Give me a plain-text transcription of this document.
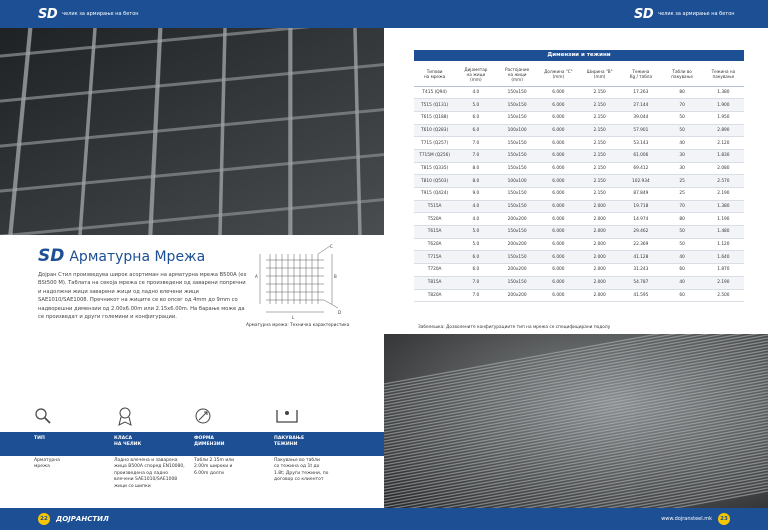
SD челик за армирање на бетон
SD Арматурна Мрежа
Дојран Стил произведува широк асортиман на арматурна мрежа B500A (ех BSt500 M). Таблата на секоја мрежа се произведени од заварени попречни и надолжни жици заварени жици од ладно влечени жици SAE1010/SAE1008. Пречникот на жиците се во опсег од 4mm до 9mm со надворешни димензии од 2.00x6.00m или 2.15x6.00m. На барање може да се произведат и други големини и конфигурации.
A
L
B
C
D
Арматурна мрежа: Техничка карактеристика
ТИП	КЛАСА
НА ЧЕЛИК
ФОРМА
ДИМЕНЗИИ
ПАКУВАЊЕ
ТЕЖИНИ
Арматурна
мрежа
Ладно влечена и заварена
жица B500A според EN10080,
произведена од ладно
влечени SAE1010/SAE1008
жици со шипки
Табли 2.15m или
2.00m широки и
6.00m долги
Пакување во табли
со тежина од 1t до
1.8t; Други тежини, по
договор со клиентот
22	ДОЈРАНСТИЛ
SD челик за армирање на бетон
Димензии и тежини
Типови
на мрежа	Дијаметар
на жици
(mm)	Растојание
на жици
(mm)	Должина "C"
(mm)	Ширина "B"
(mm)	Тежина
Kg / табла	Табли во
пакување	Тежина на
пакување
T415 (Q94)	4.0	150x150	6.000	2.150	17.263	80	1.380
T515 (Q131)	5.0	150x150	6.000	2.150	27.144	70	1.900
T615 (Q188)	6.0	150x150	6.000	2.150	39.044	50	1.950
T610 (Q283)	6.0	100x100	6.000	2.150	57.901	50	2.890
T715 (Q257)	7.0	150x150	6.000	2.150	53.143	40	2.120
T715M (Q256)	7.0	150x150	6.000	2.150	61.006	30	1.830
T815 (Q335)	8.0	150x150	6.000	2.150	69.412	30	2.080
T810 (Q503)	8.0	100x100	6.000	2.150	102.934	25	2.570
T915 (Q424)	9.0	150x150	6.000	2.150	87.849	25	2.190
T515A	4.0	150x150	6.000	2.000	19.718	70	1.380
T520A	4.0	200x200	6.000	2.000	14.974	80	1.190
T615A	5.0	150x150	6.000	2.000	29.462	50	1.480
T620A	5.0	200x200	6.000	2.000	22.369	50	1.120
T715A	6.0	150x150	6.000	2.000	41.128	40	1.640
T720A	6.0	200x200	6.000	2.000	31.243	60	1.870
T815A	7.0	150x150	6.000	2.000	54.787	40	2.190
T820A	7.0	200x200	6.000	2.000	41.595	60	2.500
Забелешка: Дозволените конфигурациите тип на мрежа се специфицирани подолу
www.dojransteel.mk	23
